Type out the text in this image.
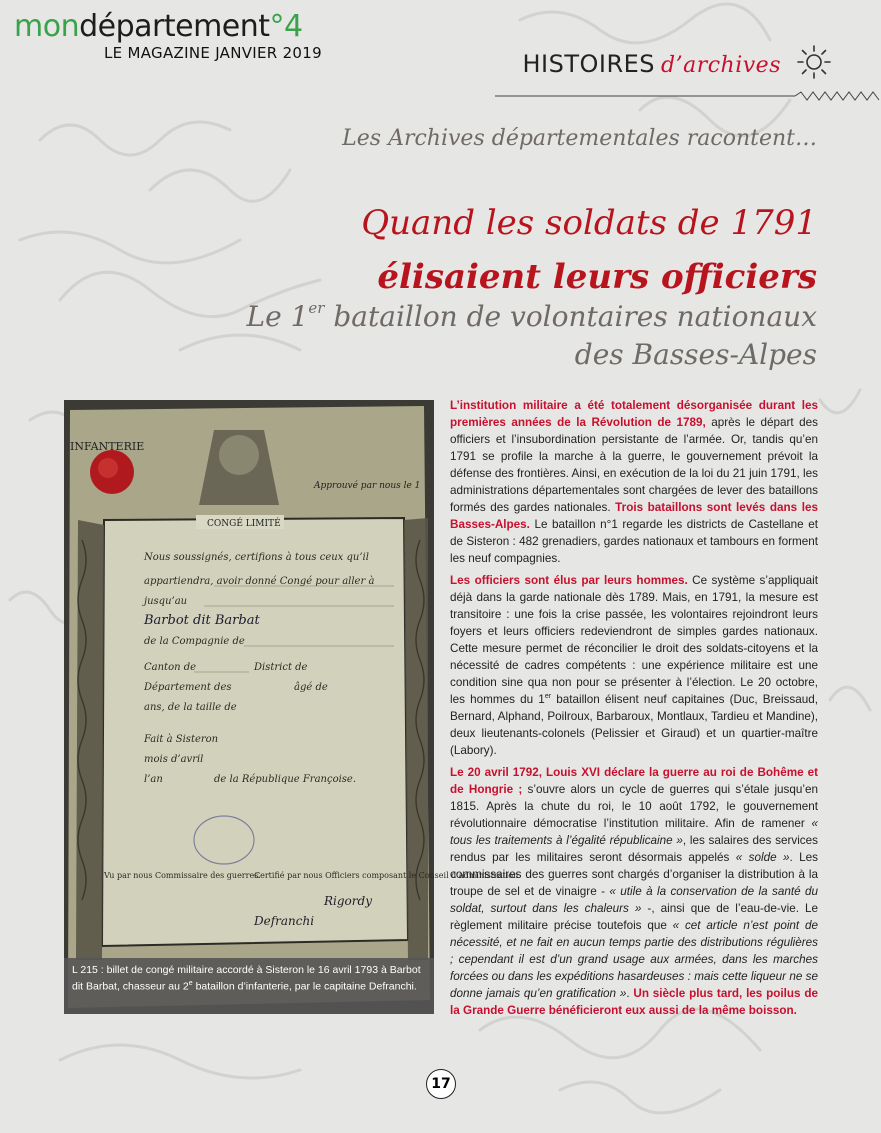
mondépartement°4
LE MAGAZINE JANVIER 2019	HISTOIRES d’archives
Les Archives départementales racontent…
Quand les soldats de 1791
élisaient leurs officiers
Le 1er bataillon de volontaires nationaux
des Basses-Alpes
INFANTERIE
Approuvé par nous le 1
CONGÉ LIMITÉ
Nous soussignés, certifions à tous ceux qu’il
appartiendra, avoir donné Congé pour aller à
jusqu’au
Barbot dit Barbat
de la Compagnie de
Canton de	District de
Département des	âgé de
ans, de la taille de
Fait à Sisteron
mois d’avril
l’an	de la République Françoise.
Vu par nous Commissaire des guerres.
Certifié par nous Officiers composant le Conseil d’administration
Rigordy
Defranchi
L 215 : billet de congé militaire accordé à Sisteron le 16 avril 1793 à Barbot dit Barbat, chasseur au 2e bataillon d’infanterie, par le capitaine Defranchi.

L’institution militaire a été totalement désorganisée durant les premières années de la Révolution de 1789, après le départ des officiers et l’insubordination persistante de l’armée. Or, tandis qu’en 1791 se profile la marche à la guerre, le gouvernement prévoit la défense des frontières. Ainsi, en exécution de la loi du 21 juin 1791, les administrations départementales sont chargées de lever des bataillons formés des gardes nationales. Trois bataillons sont levés dans les Basses-Alpes. Le bataillon n°1 regarde les districts de Castellane et de Sisteron : 482 grenadiers, gardes nationaux et tambours en forment les neuf compagnies.

Les officiers sont élus par leurs hommes. Ce système s’appliquait déjà dans la garde nationale dès 1789. Mais, en 1791, la mesure est transitoire : une fois la crise passée, les volontaires rejoindront leurs foyers et leurs officiers redeviendront de simples gardes nationaux. Cette mesure permet de réconcilier le droit des soldats-citoyens et la nécessité de cadres compétents : une expérience militaire est une condition sine qua non pour se présenter à l’élection. Le 20 octobre, les hommes du 1er bataillon élisent neuf capitaines (Duc, Breissaud, Bernard, Alphand, Poilroux, Barbaroux, Montlaux, Tardieu et Mandine), deux lieutenants-colonels (Pelissier et Giraud) et un quartier-maître (Labory).

Le 20 avril 1792, Louis XVI déclare la guerre au roi de Bohême et de Hongrie ; s’ouvre alors un cycle de guerres qui s’étale jusqu’en 1815. Après la chute du roi, le 10 août 1792, le gouvernement révolutionnaire démocratise l’institution militaire. Afin de ramener « tous les traitements à l’égalité républicaine », les salaires des services rendus par les militaires seront désormais appelés « solde ». Les commissaires des guerres sont chargés d’organiser la distribution à la troupe de sel et de vinaigre - « utile à la conservation de la santé du soldat, surtout dans les chaleurs » -, ainsi que de l’eau-de-vie. Le règlement militaire précise toutefois que « cet article n’est point de nécessité, et ne fait en aucun temps partie des distributions régulières ; cependant il est d’un grand usage aux armées, dans les marches forcées ou dans les expéditions hasardeuses : mais cette liqueur ne se donne jamais qu’en gratification ». Un siècle plus tard, les poilus de la Grande Guerre bénéficieront eux aussi de la même boisson.

17
